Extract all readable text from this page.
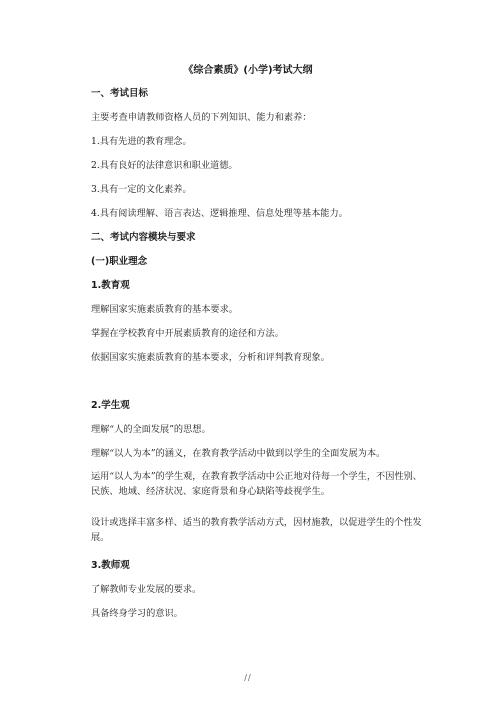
《综合素质》(小学)考试大纲
一、考试目标
主要考查申请教师资格人员的下列知识、能力和素养：
1.具有先进的教育理念。
2.具有良好的法律意识和职业道德。
3.具有一定的文化素养。
4.具有阅读理解、语言表达、逻辑推理、信息处理等基本能力。
二、考试内容模块与要求
(一)职业理念
1.教育观
理解国家实施素质教育的基本要求。
掌握在学校教育中开展素质教育的途径和方法。
依据国家实施素质教育的基本要求，分析和评判教育现象。
2.学生观
理解“人的全面发展”的思想。
理解“以人为本”的涵义，在教育教学活动中做到以学生的全面发展为本。
运用“以人为本”的学生观，在教育教学活动中公正地对待每一个学生，不因性别、民族、地域、经济状况、家庭背景和身心缺陷等歧视学生。
设计或选择丰富多样、适当的教育教学活动方式，因材施教，以促进学生的个性发展。
3.教师观
了解教师专业发展的要求。
具备终身学习的意识。
//
